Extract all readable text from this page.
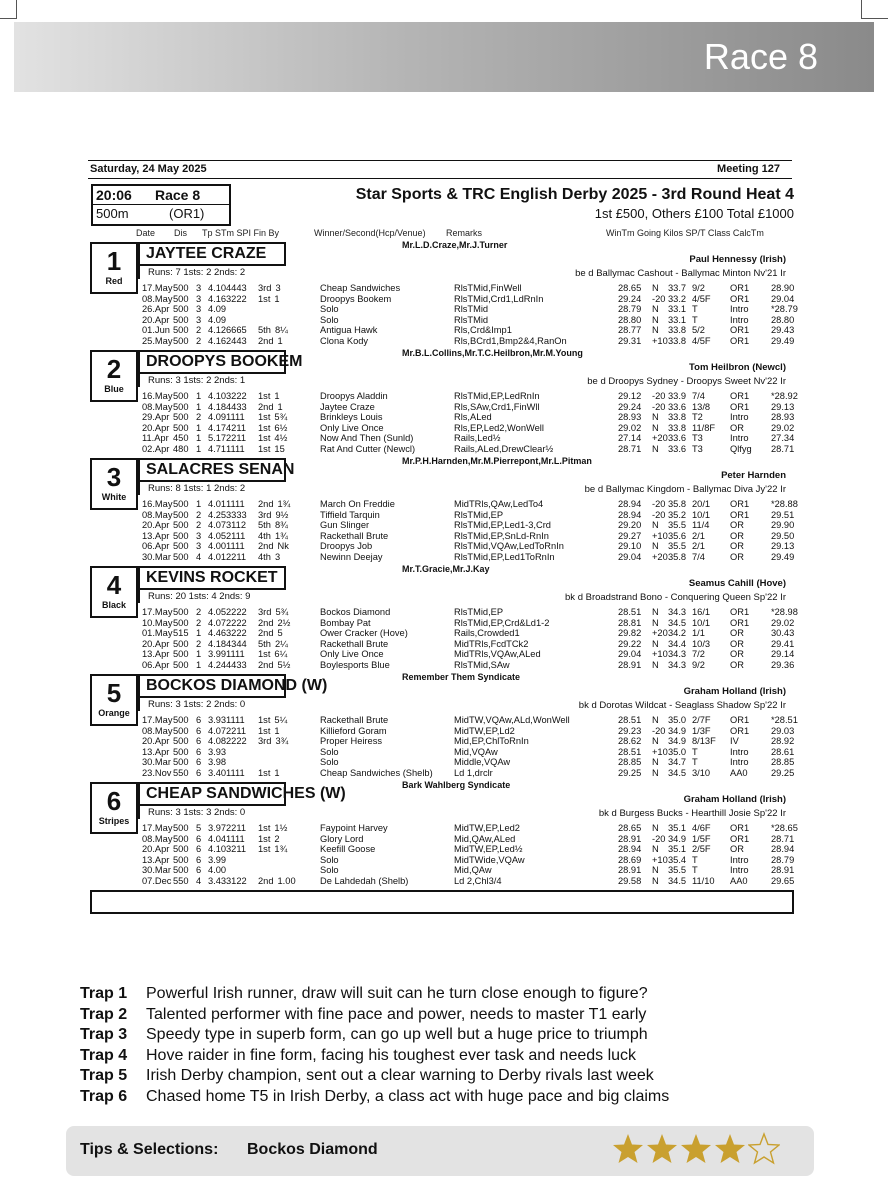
Race 8
Saturday, 24 May 2025	Meeting 127
20:06 Race 8
500m	(OR1)
Star Sports & TRC English Derby 2025 - 3rd Round Heat 4
1st £500, Others £100 Total £1000
Date Dis Tp STm SPI Fin By	Winner/Second(Hcp/Venue) Remarks	WinTm Going Kilos SP/T Class CalcTm
1
Red
JAYTEE CRAZE	Mr.L.D.Craze,Mr.J.Turner
Runs: 7 1sts: 2 2nds: 2
Paul Hennessy (Irish)
be d Ballymac Cashout - Ballymac Minton Nv'21 Ir
17.May 500 3 4.10 4443 3rd 3	Cheap Sandwiches	RlsTMid,FinWell	28.65 N 33.7 9/2	OR1 28.90
08.May 500 3 4.16 3222 1st 1	Droopys Bookem	RlsTMid,Crd1,LdRnIn	29.24 -20 33.2 4/5F OR1 29.04
26.Apr 500 3 4.09	Solo	RlsTMid	28.79 N 33.1 T	Intro *28.79
20.Apr 500 3 4.09	Solo	RlsTMid	28.80 N 33.1 T	Intro 28.80
01.Jun 500 2 4.12 6665 5th 8¼	Antigua Hawk	Rls,Crd&Imp1	28.77 N 33.8 5/2	OR1 29.43
25.May 500 2 4.16 2443 2nd 1	Clona Kody	Rls,BCrd1,Bmp2&4,RanOn	29.31 +10 33.8 4/5F OR1 29.49
2
Blue
DROOPYS BOOKEM	Mr.B.L.Collins,Mr.T.C.Heilbron,Mr.M.Young
Runs: 3 1sts: 2 2nds: 1
Tom Heilbron (Newcl)
be d Droopys Sydney - Droopys Sweet Nv'22 Ir
16.May 500 1 4.10 3222 1st 1	Droopys Aladdin	RlsTMid,EP,LedRnIn	29.12 -20 33.9 7/4	OR1 *28.92
08.May 500 1 4.18 4433 2nd 1	Jaytee Craze	Rls,SAw,Crd1,FinWll	29.24 -20 33.6 13/8 OR1 29.13
29.Apr 500 2 4.09 1111 1st 5¾	Brinkleys Louis	Rls,ALed	28.93 N 33.8 T2	Intro 28.93
20.Apr 500 1 4.17 4211 1st 6½	Only Live Once	Rls,EP,Led2,WonWell	29.02 N 33.8 11/8F OR	29.02
11.Apr 450 1 5.17 2211 1st 4½	Now And Then (Sunld)	Rails,Led½	27.14 +20 33.6 T3	Intro 27.34
02.Apr 480 1 4.71 1111 1st 15	Rat And Cutter (Newcl)	Rails,ALed,DrewClear½	28.71 N 33.6 T3	Qlfyg 28.71
3
White
SALACRES SENAN	Mr.P.H.Harnden,Mr.M.Pierrepont,Mr.L.Pitman
Runs: 8 1sts: 1 2nds: 2
Peter Harnden
be d Ballymac Kingdom - Ballymac Diva Jy'22 Ir
16.May 500 1 4.01 1111 2nd 1¾	March On Freddie	MidTRls,QAw,LedTo4	28.94 -20 35.8 20/1 OR1 *28.88
08.May 500 2 4.25 3333 3rd 9½	Tiffield Tarquin	RlsTMid,EP	28.94 -20 35.2 10/1 OR1 29.51
20.Apr 500 2 4.07 3112 5th 8¾	Gun Slinger	RlsTMid,EP,Led1-3,Crd	29.20 N 35.5 11/4 OR	29.90
13.Apr 500 3 4.05 2111 4th 1¾	Rackethall Brute	RlsTMid,EP,SnLd-RnIn	29.27 +10 35.6 2/1	OR	29.50
06.Apr 500 3 4.00 1111 2nd Nk	Droopys Job	RlsTMid,VQAw,LedToRnIn	29.10 N 35.5 2/1	OR	29.13
30.Mar 500 4 4.01 2211 4th 3	Newinn Deejay	RlsTMid,EP,Led1ToRnIn	29.04 +20 35.8 7/4	OR	29.49
4
Black
KEVINS ROCKET	Mr.T.Gracie,Mr.J.Kay
Runs: 20 1sts: 4 2nds: 9
Seamus Cahill (Hove)
bk d Broadstrand Bono - Conquering Queen Sp'22 Ir
17.May 500 2 4.05 2222 3rd 5¾	Bockos Diamond	RlsTMid,EP	28.51 N 34.3 16/1 OR1 *28.98
10.May 500 2 4.07 2222 2nd 2½	Bombay Pat	RlsTMid,EP,Crd&Ld1-2	28.81 N 34.5 10/1 OR1 29.02
01.May 515 1 4.46 3222 2nd 5	Ower Cracker (Hove)	Rails,Crowded1	29.82 +20 34.2 1/1	OR	30.43
20.Apr 500 2 4.18 4344 5th 2¼	Rackethall Brute	MidTRls,FcdTCk2	29.22 N 34.4 10/3 OR	29.41
13.Apr 500 1 3.99 1111 1st 6¼	Only Live Once	MidTRls,VQAw,ALed	29.04 +10 34.3 7/2	OR	29.14
06.Apr 500 1 4.24 4433 2nd 5½	Boylesports Blue	RlsTMid,SAw	28.91 N 34.3 9/2	OR	29.36
5
Orange
BOCKOS DIAMOND (W)	Remember Them Syndicate
Runs: 3 1sts: 2 2nds: 0
Graham Holland (Irish)
bk d Dorotas Wildcat - Seaglass Shadow Sp'22 Ir
17.May 500 6 3.93 1111 1st 5¼	Rackethall Brute	MidTW,VQAw,ALd,WonWell	28.51 N 35.0 2/7F OR1 *28.51
08.May 500 6 4.07 2211 1st 1	Killieford Goram	MidTW,EP,Ld2	29.23 -20 34.9 1/3F OR1 29.03
20.Apr 500 6 4.08 2222 3rd 3¾	Proper Heiress	Mid,EP,ChlToRnIn	28.62 N 34.9 8/13F IV	28.92
13.Apr 500 6 3.93	Solo	Mid,VQAw	28.51 +10 35.0 T	Intro 28.61
30.Mar 500 6 3.98	Solo	Middle,VQAw	28.85 N 34.7 T	Intro 28.85
23.Nov 550 6 3.40 1111 1st 1	Cheap Sandwiches (Shelb) Ld 1,drclr	29.25 N 34.5 3/10 AA0	29.25
6
Stripes
CHEAP SANDWICHES (W)	Bark Wahlberg Syndicate
Runs: 3 1sts: 3 2nds: 0
Graham Holland (Irish)
bk d Burgess Bucks - Hearthill Josie Sp'22 Ir
17.May 500 5 3.97 2211 1st 1½	Faypoint Harvey	MidTW,EP,Led2	28.65 N 35.1 4/6F OR1 *28.65
08.May 500 6 4.04 1111 1st 2	Glory Lord	Mid,QAw,ALed	28.91 -20 34.9 1/5F OR1 28.71
20.Apr 500 6 4.10 3211 1st 1¾	Keefill Goose	MidTW,EP,Led½	28.94 N 35.1 2/5F OR	28.94
13.Apr 500 6 3.99	Solo	MidTWide,VQAw	28.69 +10 35.4 T	Intro 28.79
30.Mar 500 6 4.00	Solo	Mid,QAw	28.91 N 35.5 T	Intro 28.91
07.Dec 550 4 3.43 3122 2nd 1.00	De Lahdedah (Shelb)	Ld 2,Chl3/4	29.58 N 34.5 11/10 AA0	29.65
Trap 1 Powerful Irish runner, draw will suit can he turn close enough to figure?
Trap 2 Talented performer with fine pace and power, needs to master T1 early
Trap 3 Speedy type in superb form, can go up well but a huge price to triumph
Trap 4 Hove raider in fine form, facing his toughest ever task and needs luck
Trap 5 Irish Derby champion, sent out a clear warning to Derby rivals last week
Trap 6 Chased home T5 in Irish Derby, a class act with huge pace and big claims
Tips & Selections: Bockos Diamond
